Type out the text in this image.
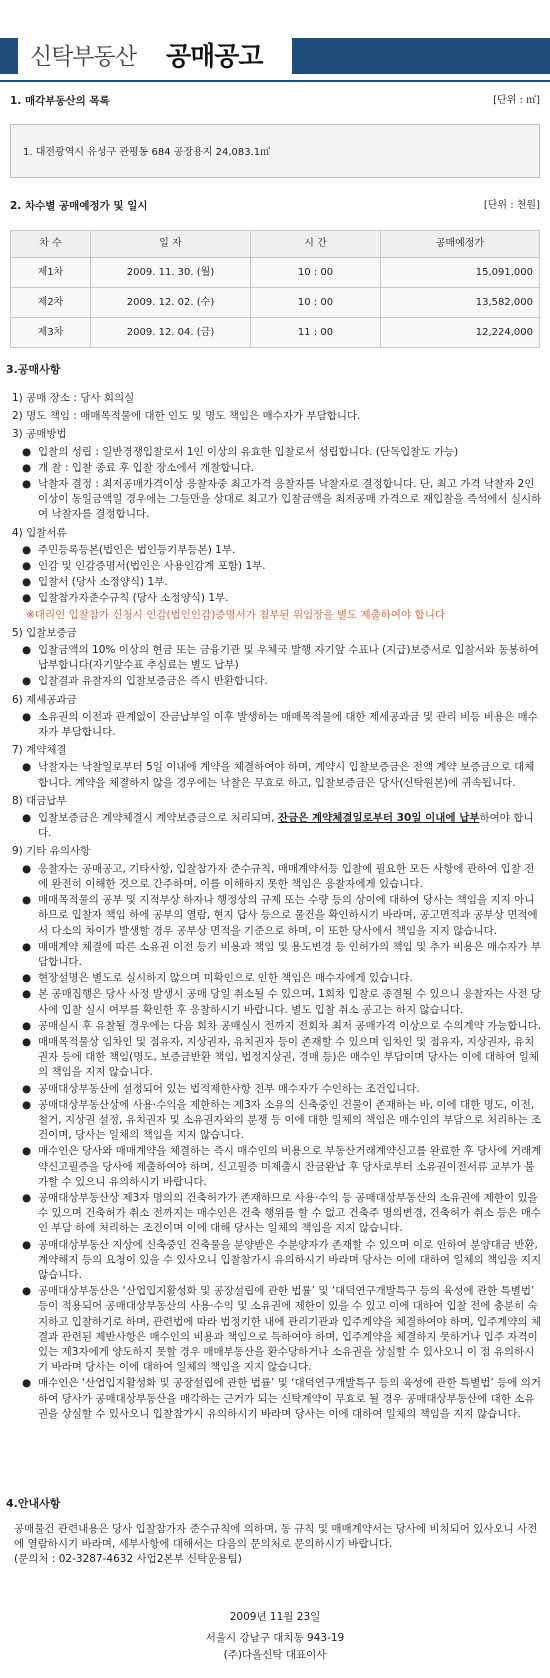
신탁부동산 공매공고
1. 매각부동산의 목록	[단위 : ㎡]
1. 대전광역시 유성구 관평동 684 공장용지 24,083.1㎡
2. 차수별 공매예정가 및 일시	[단위 : 천원]
차 수	일 자	시 간	공매예정가
제1차	2009. 11. 30. (월)	10 : 00	15,091,000
제2차	2009. 12. 02. (수)	10 : 00	13,582,000
제3차	2009. 12. 04. (금)	11 : 00	12,224,000
3.공매사항
1) 공매 장소 : 당사 회의실
2) 명도 책임 : 매매목적물에 대한 인도 및 명도 책임은 매수자가 부담합니다.
3) 공매방법
● 입찰의 성립 : 일반경쟁입찰로서 1인 이상의 유효한 입찰로서 성립합니다. (단독입찰도 가능)
● 개 찰 : 입찰 종료 후 입찰 장소에서 개찰합니다.
● 낙찰자 결정 : 최저공매가격이상 응찰자중 최고가격 응찰자를 낙찰자로 결정합니다. 단, 최고 가격 낙찰자 2인 이상이 동일금액일 경우에는 그들만을 상대로 최고가 입찰금액을 최저공매 가격으로 재입찰을 즉석에서 실시하여 낙찰자를 결정합니다.
4) 입찰서류
● 주민등록등본(법인은 법인등기부등본) 1부.
● 인감 및 인감증명서(법인은 사용인감계 포함) 1부.
● 입찰서 (당사 소정양식) 1부.
● 입찰참가자준수규칙 (당사 소정양식) 1부.
※대리인 입찰참가 신청시 인감(법인인감)증명서가 첨부된 위임장을 별도 제출하여야 합니다
5) 입찰보증금
● 입찰금액의 10% 이상의 현금 또는 금융기관 및 우체국 발행 자기앞 수표나 (지급)보증서로 입찰서와 동봉하여 납부합니다(자기앞수표 추심료는 별도 납부)
● 입찰결과 유찰자의 입찰보증금은 즉시 반환합니다.
6) 제세공과금
● 소유권의 이전과 관계없이 잔금납부일 이후 발생하는 매매목적물에 대한 제세공과금 및 관리 비등 비용은 매수자가 부담합니다.
7) 계약체결
● 낙찰자는 낙찰일로부터 5일 이내에 계약을 체결하여야 하며, 계약시 입찰보증금은 전액 계약 보증금으로 대체합니다. 계약을 체결하지 않을 경우에는 낙찰은 무효로 하고, 입찰보증금은 당사(신탁원본)에 귀속됩니다.
8) 대금납부
● 입찰보증금은 계약체결시 계약보증금으로 처리되며, 잔금은 계약체결일로부터 30일 이내에 납부하여야 합니다.
9) 기타 유의사항
● 응찰자는 공매공고, 기타사항, 입찰참가자 준수규칙, 매매계약서등 입찰에 필요한 모든 사항에 관하여 입찰 전에 완전히 이해한 것으로 간주하며, 이를 이해하지 못한 책임은 응찰자에게 있습니다.
● 매매목적물의 공부 및 지적부상 하자나 행정상의 규제 또는 수량 등의 상이에 대하여 당사는 책임을 지지 아니하므로 입찰자 책임 하에 공부의 열람, 현지 답사 등으로 물건을 확인하시기 바라며, 공고면적과 공부상 면적에서 다소의 차이가 발생할 경우 공부상 면적을 기준으로 하며, 이 또한 당사에서 책임을 지지 않습니다.
● 매매계약 체결에 따른 소유권 이전 등기 비용과 책임 및 용도변경 등 인허가의 책임 및 추가 비용은 매수자가 부담합니다.
● 현장설명은 별도로 실시하지 않으며 미확인으로 인한 책임은 매수자에게 있습니다.
● 본 공매집행은 당사 사정 발생시 공매 당일 취소될 수 있으며, 1회차 입찰로 종결될 수 있으니 응찰자는 사전 당사에 입찰 실시 여부를 확인한 후 응찰하시기 바랍니다. 별도 입찰 취소 공고는 하지 않습니다.
● 공매실시 후 유찰될 경우에는 다음 회차 공매실시 전까지 전회차 최저 공매가격 이상으로 수의계약 가능합니다.
● 매매목적물상 임차인 및 점유자, 지상권자, 유치권자 등이 존재할 수 있으며 임차인 및 점유자, 지상권자, 유치권자 등에 대한 책임(명도, 보증금반환 책임, 법정지상권, 경매 등)은 매수인 부담이며 당사는 이에 대하여 일체의 책임을 지지 않습니다.
● 공매대상부동산에 설정되어 있는 법적제한사항 전부 매수자가 수인하는 조건입니다.
● 공매대상부동산상에 사용·수익을 제한하는 제3자 소유의 신축중인 건물이 존재하는 바, 이에 대한 명도, 이전, 철거, 지상권 설정, 유치권자 및 소유권자와의 분쟁 등 이에 대한 일체의 책임은 매수인의 부담으로 처리하는 조건이며, 당사는 일체의 책임을 지지 않습니다.
● 매수인은 당사와 매매계약을 체결하는 즉시 매수인의 비용으로 부동산거래계약신고를 완료한 후 당사에 거래계약신고필증을 당사에 제출하여야 하며, 신고필증 미제출시 잔금완납 후 당사로부터 소유권이전서류 교부가 불가할 수 있으니 유의하시기 바랍니다.
● 공매대상부동산상 제3자 명의의 건축허가가 존재하므로 사용·수익 등 공매대상부동산의 소유권에 제한이 있을 수 있으며 건축허가 취소 전까지는 매수인은 건축 행위를 할 수 없고 건축주 명의변경, 건축허가 취소 등은 매수인 부담 하에 처리하는 조건이며 이에 대해 당사는 일체의 책임을 지지 않습니다.
● 공매대상부동산 지상에 신축중인 건축물을 분양받은 수분양자가 존재할 수 있으며 이로 인하여 분양대금 반환, 계약해지 등의 요청이 있을 수 있사오니 입찰참가시 유의하시기 바라며 당사는 이에 대하여 일체의 책임을 지지 않습니다.
● 공매대상부동산은 ‘산업입지활성화 및 공장설립에 관한 법률’ 및 ‘대덕연구개발특구 등의 육성에 관한 특별법’ 등이 적용되어 공매대상부동산의 사용·수익 및 소유권에 제한이 있을 수 있고 이에 대하여 입찰 전에 충분히 숙지하고 입찰하기로 하며, 관련법에 따라 법정기한 내에 관리기관과 입주계약을 체결하여야 하며, 입주계약의 체결과 관련된 제반사항은 매수인의 비용과 책임으로 득하여야 하며, 입주계약을 체결하지 못하거나 입주 자격이 있는 제3자에게 양도하지 못할 경우 매매부동산을 환수당하거나 소유권을 상실할 수 있사오니 이 점 유의하시기 바라며 당사는 이에 대하여 일체의 책임을 지지 않습니다.
● 매수인은 ‘산업입지활성화 및 공장설립에 관한 법률’ 및 ‘대덕연구개발특구 등의 육성에 관한 특별법’ 등에 의거하여 당사가 공매대상부동산을 매각하는 근거가 되는 신탁계약이 무효로 될 경우 공매대상부동산에 대한 소유권을 상실할 수 있사오니 입찰참가시 유의하시기 바라며 당사는 이에 대하여 일체의 책임을 지지 않습니다.
4.안내사항
공매물건 관련내용은 당사 입찰참가자 준수규칙에 의하며, 동 규칙 및 매매계약서는 당사에 비치되어 있사오니 사전에 열람하시기 바라며, 세부사항에 대해서는 다음의 문의처로 문의하시기 바랍니다.
(문의처 : 02-3287-4632 사업2본부 신탁운용팀)
2009년 11월 23일
서울시 강남구 대치동 943-19
(주)다올신탁 대표이사
